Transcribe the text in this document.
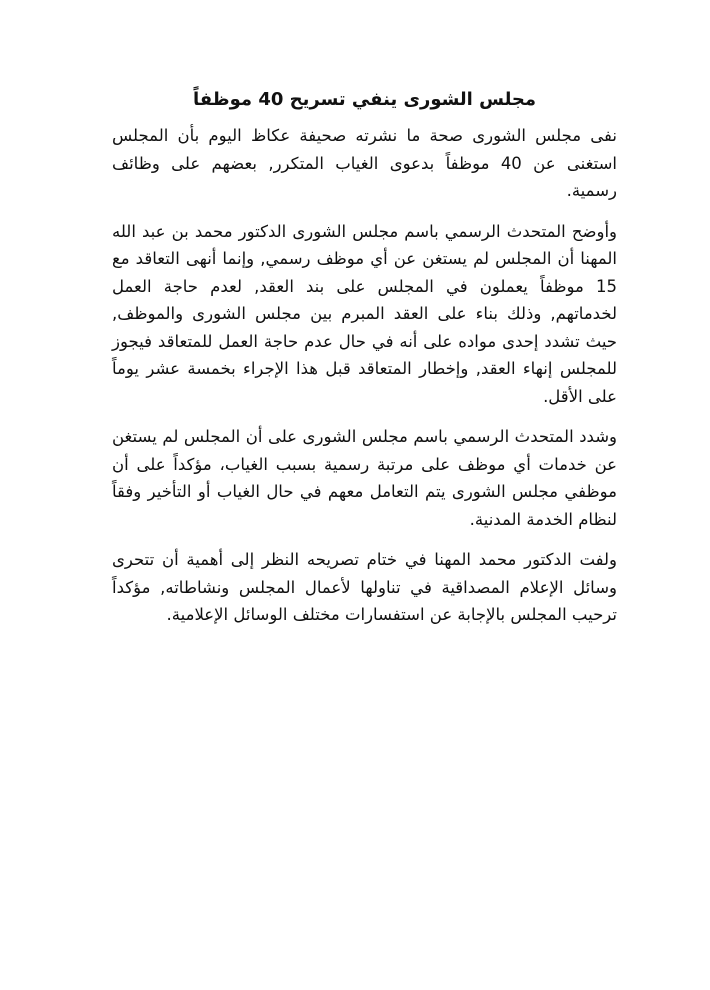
مجلس الشورى ينفي تسريح 40 موظفاً

نفى مجلس الشورى صحة ما نشرته صحيفة عكاظ اليوم بأن المجلس استغنى عن 40 موظفاً بدعوى الغياب المتكرر, بعضهم على وظائف رسمية.

وأوضح المتحدث الرسمي باسم مجلس الشورى الدكتور محمد بن عبد الله المهنا أن المجلس لم يستغن عن أي موظف رسمي, وإنما أنهى التعاقد مع 15 موظفاً يعملون في المجلس على بند العقد, لعدم حاجة العمل لخدماتهم, وذلك بناء على العقد المبرم بين مجلس الشورى والموظف, حيث تشدد إحدى مواده على أنه في حال عدم حاجة العمل للمتعاقد فيجوز للمجلس إنهاء العقد, وإخطار المتعاقد قبل هذا الإجراء بخمسة عشر يوماً على الأقل.

وشدد المتحدث الرسمي باسم مجلس الشورى على أن المجلس لم يستغن عن خدمات أي موظف على مرتبة رسمية بسبب الغياب، مؤكداً على أن موظفي مجلس الشورى يتم التعامل معهم في حال الغياب أو التأخير وفقاً لنظام الخدمة المدنية.

ولفت الدكتور محمد المهنا في ختام تصريحه النظر إلى أهمية أن تتحرى وسائل الإعلام المصداقية في تناولها لأعمال المجلس ونشاطاته, مؤكداً ترحيب المجلس بالإجابة عن استفسارات مختلف الوسائل الإعلامية.
